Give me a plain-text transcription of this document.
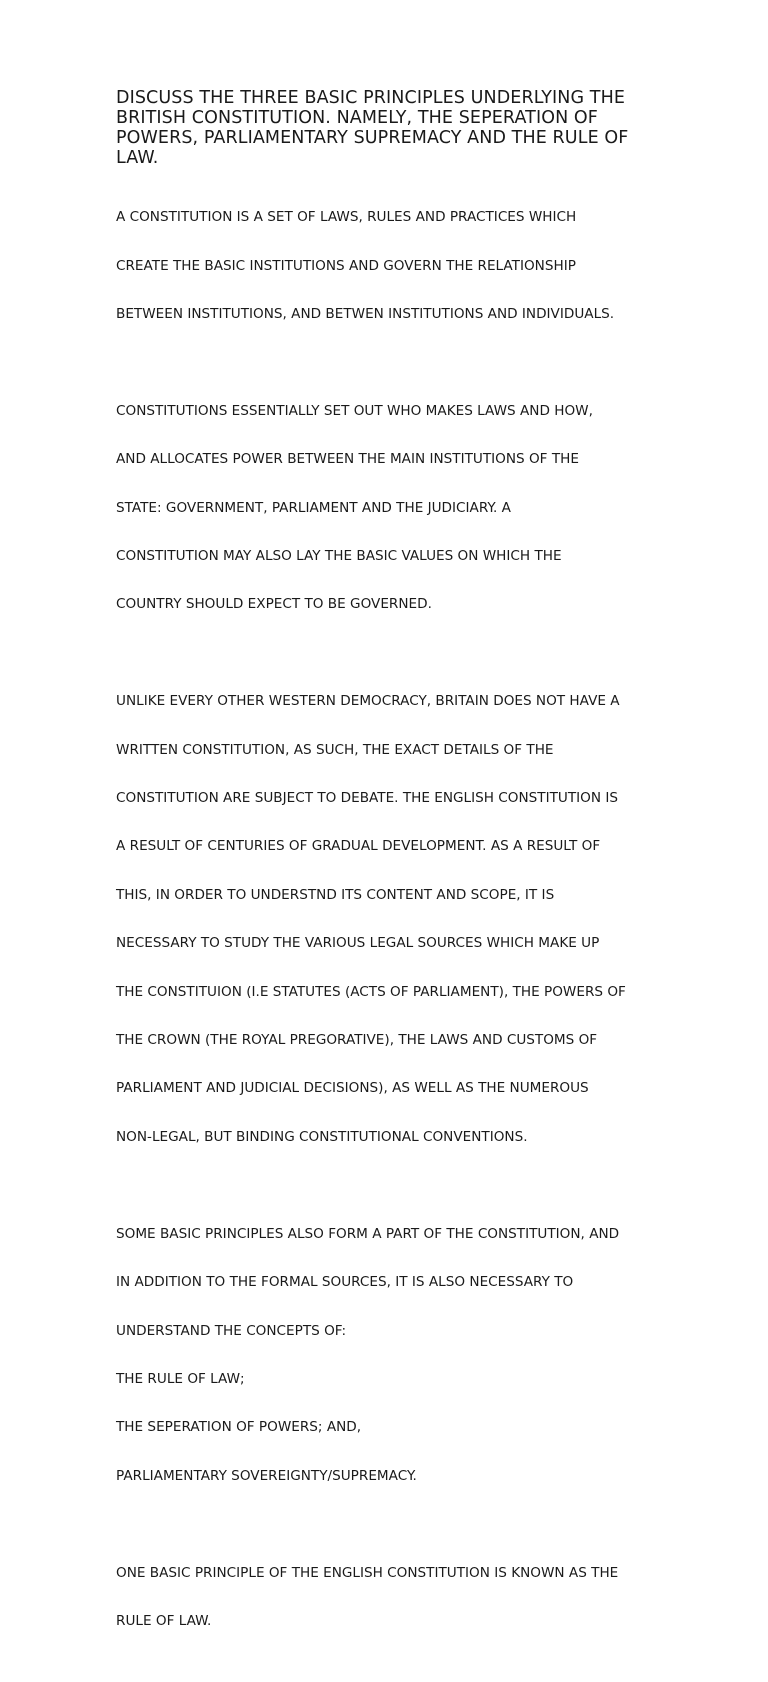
DISCUSS THE THREE BASIC PRINCIPLES UNDERLYING THE
BRITISH CONSTITUTION. NAMELY, THE SEPERATION OF
POWERS, PARLIAMENTARY SUPREMACY AND THE RULE OF
LAW.

A CONSTITUTION IS A SET OF LAWS, RULES AND PRACTICES WHICH

CREATE THE BASIC INSTITUTIONS AND GOVERN THE RELATIONSHIP

BETWEEN INSTITUTIONS, AND BETWEN INSTITUTIONS AND INDIVIDUALS.

CONSTITUTIONS ESSENTIALLY SET OUT WHO MAKES LAWS AND HOW,

AND ALLOCATES POWER BETWEEN THE MAIN INSTITUTIONS OF THE

STATE: GOVERNMENT, PARLIAMENT AND THE JUDICIARY. A

CONSTITUTION MAY ALSO LAY THE BASIC VALUES ON WHICH THE

COUNTRY SHOULD EXPECT TO BE GOVERNED.

UNLIKE EVERY OTHER WESTERN DEMOCRACY, BRITAIN DOES NOT HAVE A

WRITTEN CONSTITUTION, AS SUCH, THE EXACT DETAILS OF THE

CONSTITUTION ARE SUBJECT TO DEBATE. THE ENGLISH CONSTITUTION IS

A RESULT OF CENTURIES OF GRADUAL DEVELOPMENT. AS A RESULT OF

THIS, IN ORDER TO UNDERSTND ITS CONTENT AND SCOPE, IT IS

NECESSARY TO STUDY THE VARIOUS LEGAL SOURCES WHICH MAKE UP

THE CONSTITUION (I.E STATUTES (ACTS OF PARLIAMENT), THE POWERS OF

THE CROWN (THE ROYAL PREGORATIVE), THE LAWS AND CUSTOMS OF

PARLIAMENT AND JUDICIAL DECISIONS), AS WELL AS THE NUMEROUS

NON-LEGAL, BUT BINDING CONSTITUTIONAL CONVENTIONS.

SOME BASIC PRINCIPLES ALSO FORM A PART OF THE CONSTITUTION, AND

IN ADDITION TO THE FORMAL SOURCES, IT IS ALSO NECESSARY TO

UNDERSTAND THE CONCEPTS OF:

THE RULE OF LAW;

THE SEPERATION OF POWERS; AND,

PARLIAMENTARY SOVEREIGNTY/SUPREMACY.

ONE BASIC PRINCIPLE OF THE ENGLISH CONSTITUTION IS KNOWN AS THE

RULE OF LAW.
